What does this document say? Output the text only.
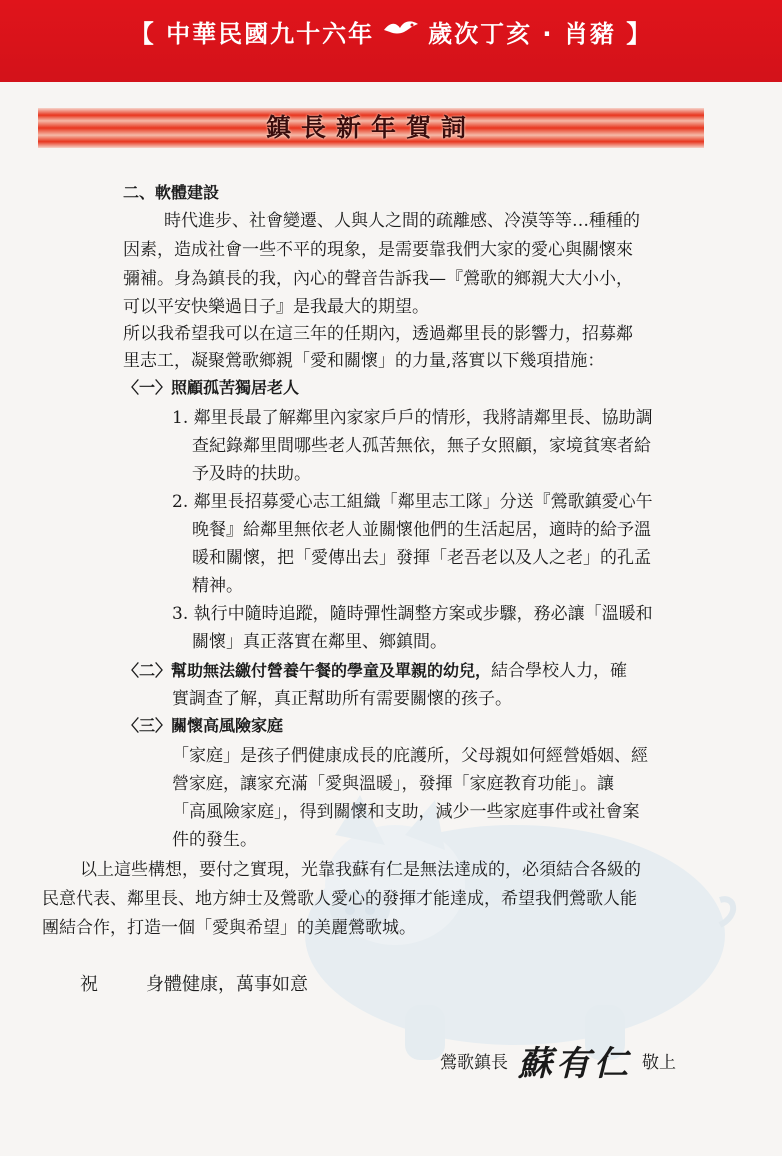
【 中華民國九十六年 歲次丁亥 · 肖豬 】
鎮長新年賀詞
二、軟體建設
時代進步、社會變遷、人與人之間的疏離感、冷漠等等…種種的
因素，造成社會一些不平的現象，是需要靠我們大家的愛心與關懷來
彌補。身為鎮長的我，內心的聲音告訴我—『鶯歌的鄉親大大小小，
可以平安快樂過日子』是我最大的期望。
所以我希望我可以在這三年的任期內，透過鄰里長的影響力，招募鄰
里志工，凝聚鶯歌鄉親「愛和關懷」的力量,落實以下幾項措施：
〈一〉照顧孤苦獨居老人
1. 鄰里長最了解鄰里內家家戶戶的情形，我將請鄰里長、協助調
查紀錄鄰里間哪些老人孤苦無依，無子女照顧，家境貧寒者給
予及時的扶助。
2. 鄰里長招募愛心志工組織「鄰里志工隊」分送『鶯歌鎮愛心午
晚餐』給鄰里無依老人並關懷他們的生活起居，適時的給予溫
暖和關懷，把「愛傳出去」發揮「老吾老以及人之老」的孔孟
精神。
3. 執行中隨時追蹤，隨時彈性調整方案或步驟，務必讓「溫暖和
關懷」真正落實在鄰里、鄉鎮間。
〈二〉幫助無法繳付營養午餐的學童及單親的幼兒，結合學校人力，確
實調查了解，真正幫助所有需要關懷的孩子。
〈三〉關懷高風險家庭
「家庭」是孩子們健康成長的庇護所，父母親如何經營婚姻、經
營家庭，讓家充滿「愛與溫暖」，發揮「家庭教育功能」。讓
「高風險家庭」，得到關懷和支助，減少一些家庭事件或社會案
件的發生。
以上這些構想，要付之實現，光靠我蘇有仁是無法達成的，必須結合各級的
民意代表、鄰里長、地方紳士及鶯歌人愛心的發揮才能達成，希望我們鶯歌人能
團結合作，打造一個「愛與希望」的美麗鶯歌城。
祝	身體健康，萬事如意
鶯歌鎮長 蘇有仁 敬上
